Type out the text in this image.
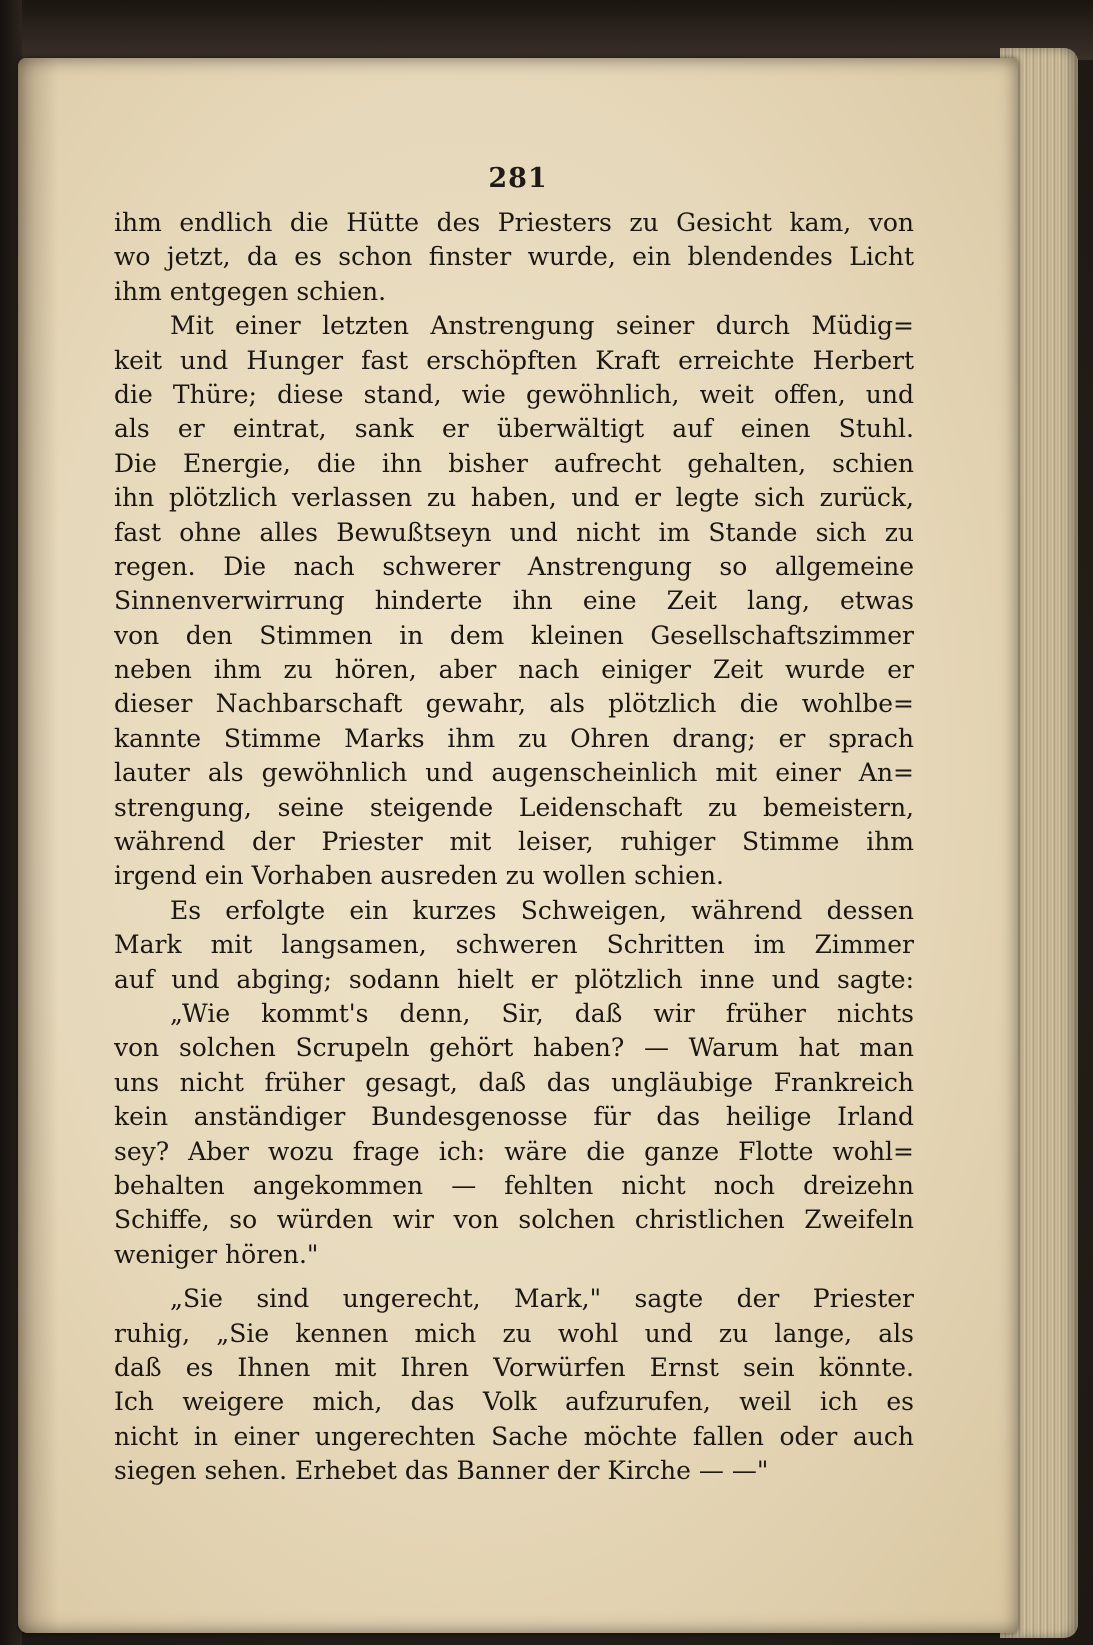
281
ihm endlich die Hütte des Priesters zu Gesicht kam, von
wo jetzt, da es schon finster wurde, ein blendendes Licht
ihm entgegen schien.
Mit einer letzten Anstrengung seiner durch Müdig=
keit und Hunger fast erschöpften Kraft erreichte Herbert
die Thüre; diese stand, wie gewöhnlich, weit offen, und
als er eintrat, sank er überwältigt auf einen Stuhl.
Die Energie, die ihn bisher aufrecht gehalten, schien
ihn plötzlich verlassen zu haben, und er legte sich zurück,
fast ohne alles Bewußtseyn und nicht im Stande sich zu
regen. Die nach schwerer Anstrengung so allgemeine
Sinnenverwirrung hinderte ihn eine Zeit lang, etwas
von den Stimmen in dem kleinen Gesellschaftszimmer
neben ihm zu hören, aber nach einiger Zeit wurde er
dieser Nachbarschaft gewahr, als plötzlich die wohlbe=
kannte Stimme Marks ihm zu Ohren drang; er sprach
lauter als gewöhnlich und augenscheinlich mit einer An=
strengung, seine steigende Leidenschaft zu bemeistern,
während der Priester mit leiser, ruhiger Stimme ihm
irgend ein Vorhaben ausreden zu wollen schien.
Es erfolgte ein kurzes Schweigen, während dessen
Mark mit langsamen, schweren Schritten im Zimmer
auf und abging; sodann hielt er plötzlich inne und sagte:
„Wie kommt's denn, Sir, daß wir früher nichts
von solchen Scrupeln gehört haben? — Warum hat man
uns nicht früher gesagt, daß das ungläubige Frankreich
kein anständiger Bundesgenosse für das heilige Irland
sey? Aber wozu frage ich: wäre die ganze Flotte wohl=
behalten angekommen — fehlten nicht noch dreizehn
Schiffe, so würden wir von solchen christlichen Zweifeln
weniger hören."
„Sie sind ungerecht, Mark," sagte der Priester
ruhig, „Sie kennen mich zu wohl und zu lange, als
daß es Ihnen mit Ihren Vorwürfen Ernst sein könnte.
Ich weigere mich, das Volk aufzurufen, weil ich es
nicht in einer ungerechten Sache möchte fallen oder auch
siegen sehen. Erhebet das Banner der Kirche — —"
